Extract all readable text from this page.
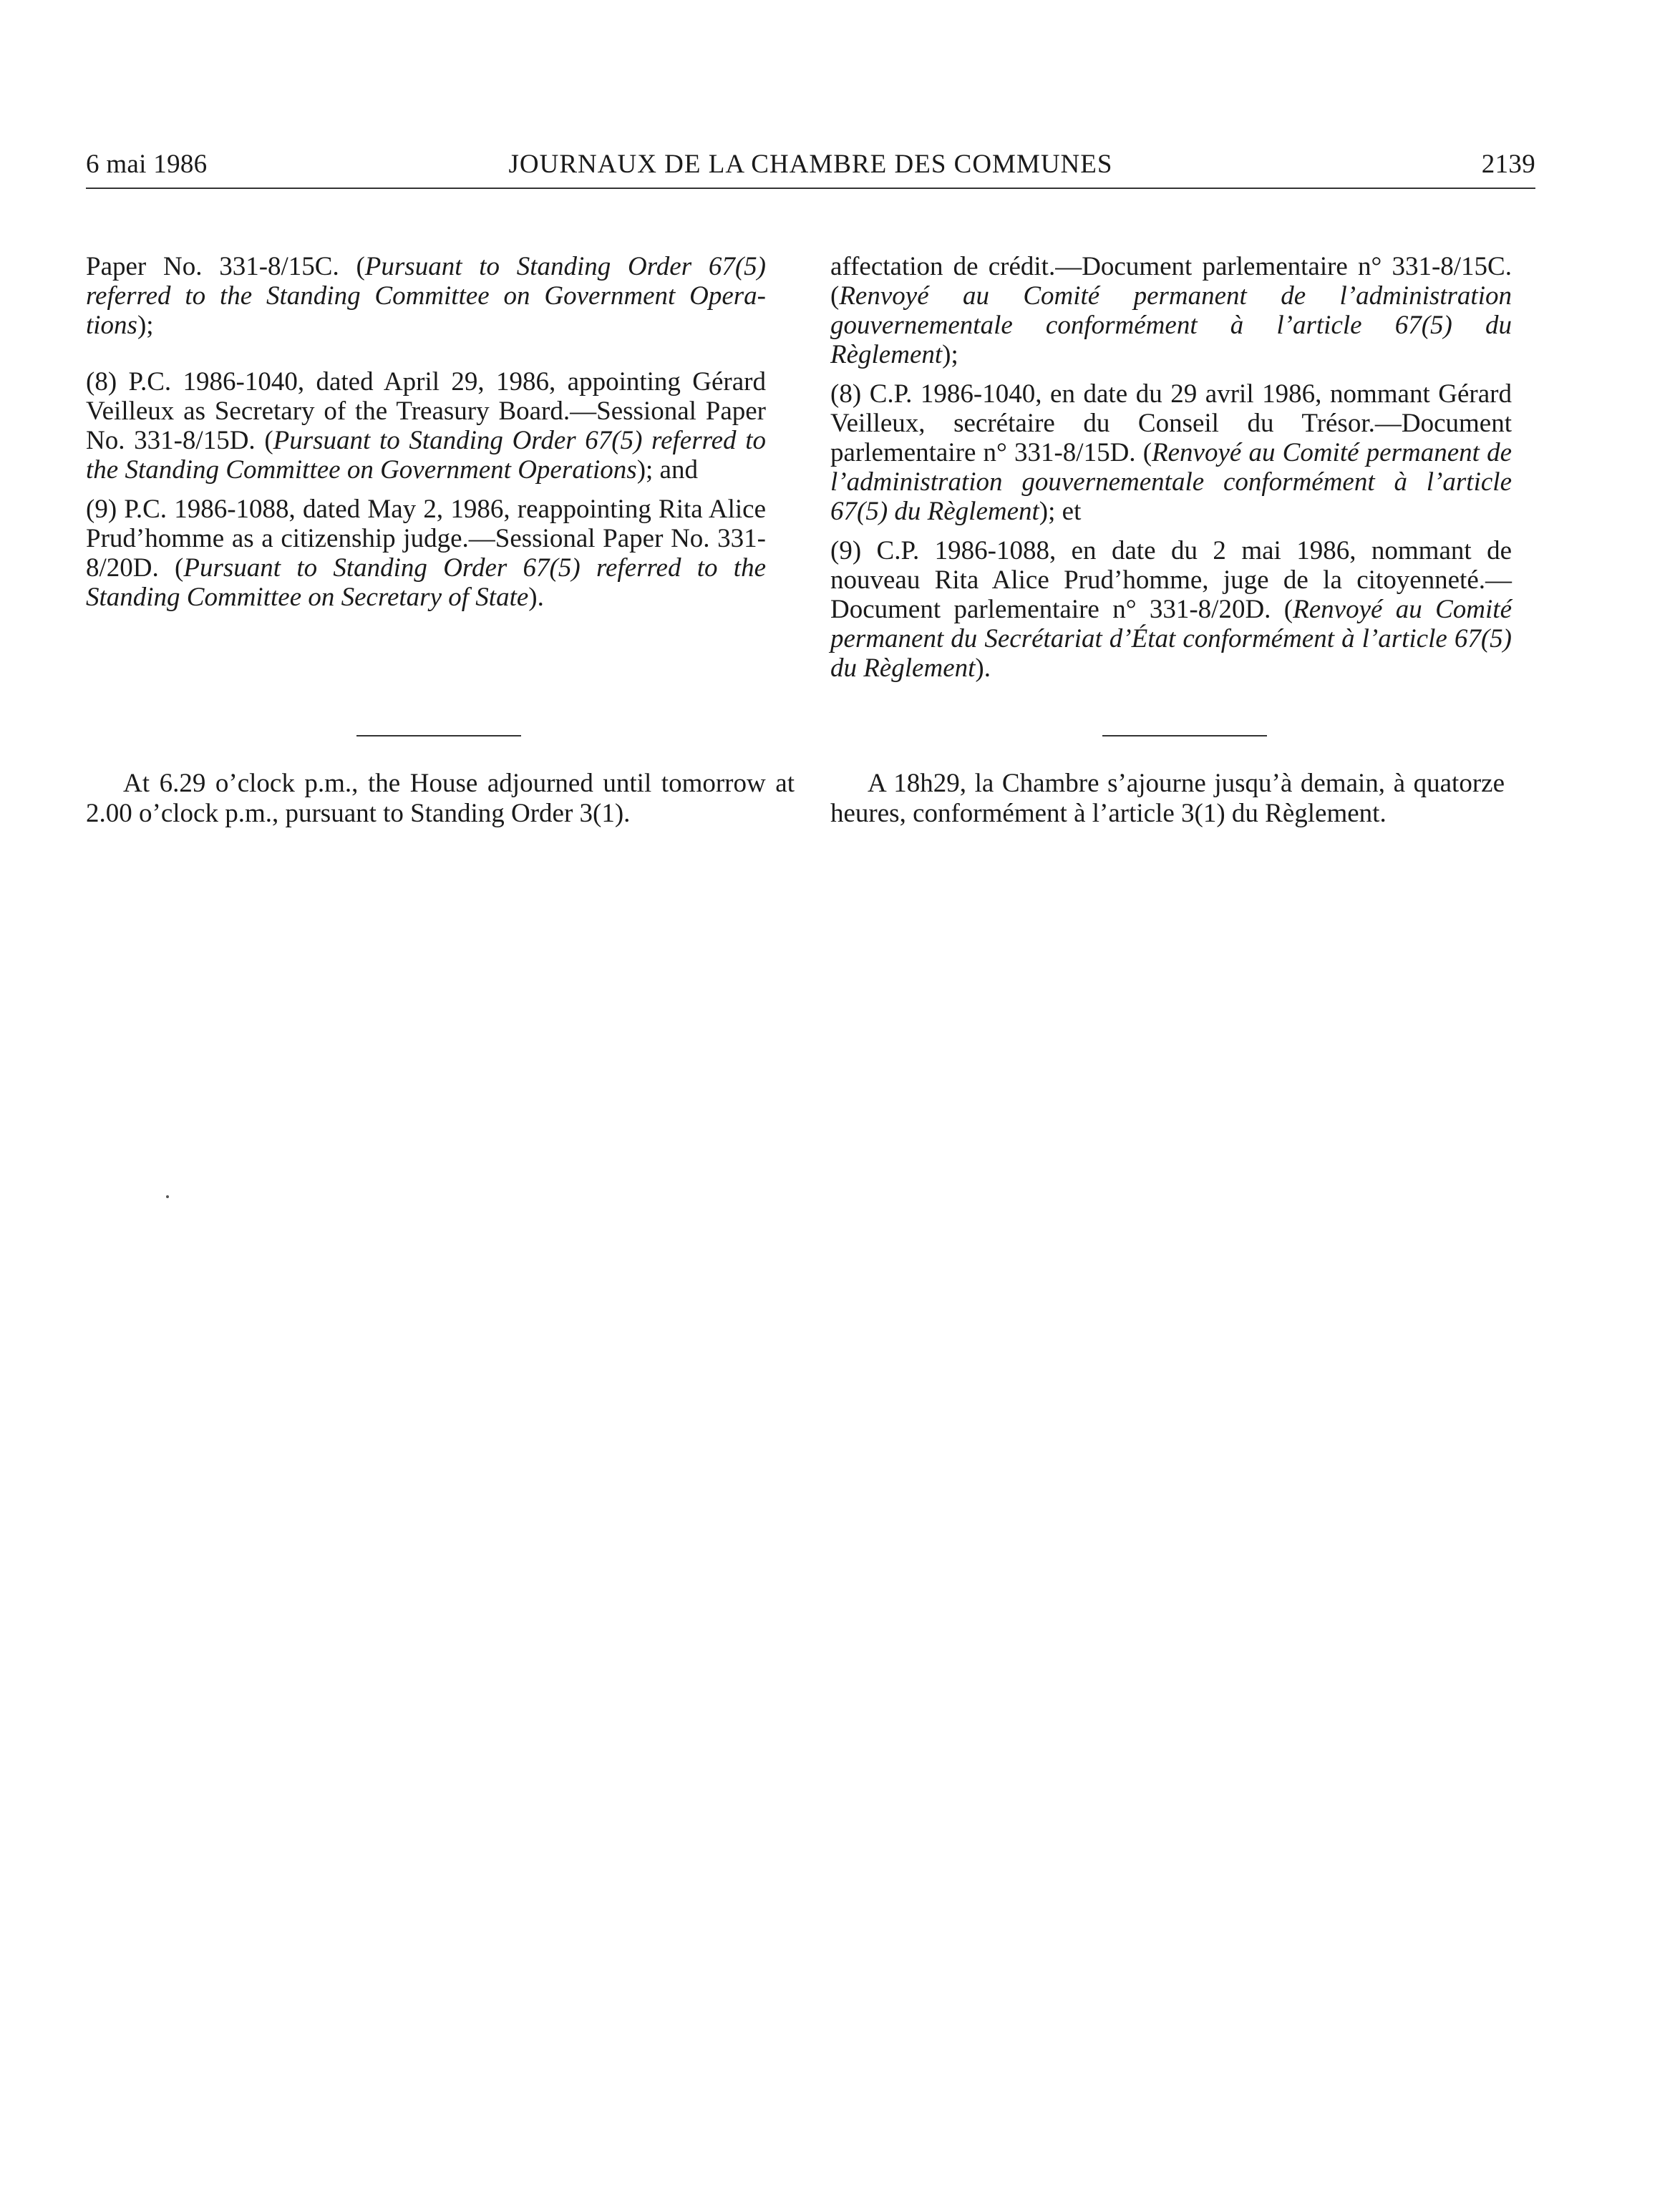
6 mai 1986	JOURNAUX DE LA CHAMBRE DES COMMUNES	2139

Paper No. 331-8/15C. (Pursuant to Standing Order 67(5) referred to the Standing Committee on Government Operations);

(8) P.C. 1986-1040, dated April 29, 1986, appointing Gérard Veilleux as Secretary of the Treasury Board.—Sessional Paper No. 331-8/15D. (Pursuant to Standing Order 67(5) referred to the Standing Committee on Government Operations); and

(9) P.C. 1986-1088, dated May 2, 1986, reappointing Rita Alice Prud’homme as a citizenship judge.—Sessional Paper No. 331-8/20D. (Pursuant to Standing Order 67(5) referred to the Standing Committee on Secretary of State).

affectation de crédit.—Document parlementaire n° 331-8/15C. (Renvoyé au Comité permanent de l’administration gouvernementale conformément à l’article 67(5) du Règlement);

(8) C.P. 1986-1040, en date du 29 avril 1986, nommant Gérard Veilleux, secrétaire du Conseil du Trésor.—Document parlementaire n° 331-8/15D. (Renvoyé au Comité permanent de l’administration gouvernementale conformément à l’article 67(5) du Règlement); et

(9) C.P. 1986-1088, en date du 2 mai 1986, nommant de nouveau Rita Alice Prud’homme, juge de la citoyenneté.—Document parlementaire n° 331-8/20D. (Renvoyé au Comité permanent du Secrétariat d’État conformément à l’article 67(5) du Règlement).

At 6.29 o’clock p.m., the House adjourned until tomorrow at 2.00 o’clock p.m., pursuant to Standing Order 3(1).
A 18h29, la Chambre s’ajourne jusqu’à demain, à quatorze heures, conformément à l’article 3(1) du Règlement.
